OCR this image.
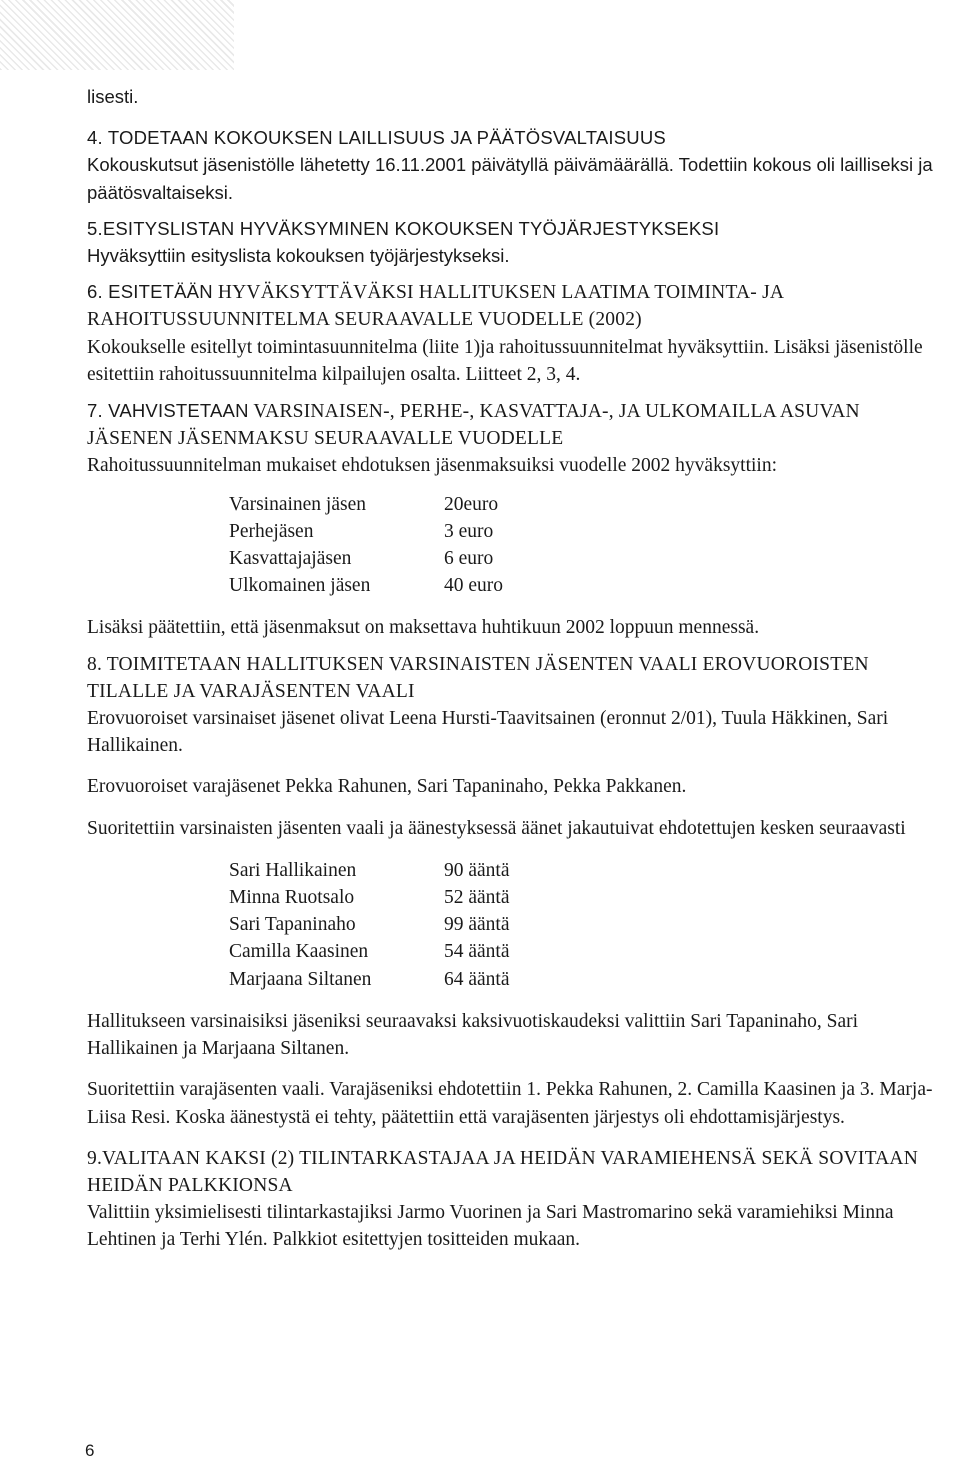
lisesti.

4. TODETAAN KOKOUKSEN LAILLISUUS JA PÄÄTÖSVALTAISUUS

Kokouskutsut jäsenistölle lähetetty 16.11.2001 päivätyllä päivämäärällä. Todettiin kokous oli lailliseksi ja päätösvaltaiseksi.

5.ESITYSLISTAN HYVÄKSYMINEN KOKOUKSEN TYÖJÄRJESTYKSEKSI

Hyväksyttiin esityslista kokouksen työjärjestykseksi.

6. ESITETÄÄN HYVÄKSYTTÄVÄKSI HALLITUKSEN LAATIMA TOIMINTA- JA RAHOITUSSUUNNITELMA SEURAAVALLE VUODELLE (2002)

Kokoukselle esitellyt toimintasuunnitelma (liite 1)ja rahoitussuunnitelmat hyväksyttiin. Lisäksi jäsenistölle esitettiin rahoitussuunnitelma kilpailujen osalta. Liitteet 2, 3, 4.

7. VAHVISTETAAN VARSINAISEN-, PERHE-, KASVATTAJA-, JA ULKOMAILLA ASUVAN JÄSENEN JÄSENMAKSU SEURAAVALLE VUODELLE

Rahoitussuunnitelman mukaiset ehdotuksen jäsenmaksuiksi vuodelle 2002 hyväksyttiin:

Varsinainen jäsen	20euro
Perhejäsen	3 euro
Kasvattajajäsen	6 euro
Ulkomainen jäsen	40 euro

Lisäksi päätettiin, että jäsenmaksut on maksettava huhtikuun 2002 loppuun mennessä.

8. TOIMITETAAN HALLITUKSEN VARSINAISTEN JÄSENTEN VAALI EROVUOROISTEN TILALLE JA VARAJÄSENTEN VAALI

Erovuoroiset varsinaiset jäsenet olivat Leena Hursti-Taavitsainen (eronnut 2/01), Tuula Häkkinen, Sari Hallikainen.

Erovuoroiset varajäsenet Pekka Rahunen, Sari Tapaninaho, Pekka Pakkanen.

Suoritettiin varsinaisten jäsenten vaali ja äänestyksessä äänet jakautuivat ehdotettujen kesken seuraavasti

Sari Hallikainen	90 ääntä
Minna Ruotsalo	52 ääntä
Sari Tapaninaho	99 ääntä
Camilla Kaasinen	54 ääntä
Marjaana Siltanen	64 ääntä

Hallitukseen varsinaisiksi jäseniksi seuraavaksi kaksivuotiskaudeksi valittiin Sari Tapaninaho, Sari Hallikainen ja Marjaana Siltanen.

Suoritettiin varajäsenten vaali. Varajäseniksi ehdotettiin 1. Pekka Rahunen, 2. Camilla Kaasinen ja 3. Marja-Liisa Resi. Koska äänestystä ei tehty, päätettiin että varajäsenten järjestys oli ehdottamisjärjestys.

9.VALITAAN KAKSI (2) TILINTARKASTAJAA JA HEIDÄN VARAMIEHENSÄ SEKÄ SOVITAAN HEIDÄN PALKKIONSA

Valittiin yksimielisesti tilintarkastajiksi Jarmo Vuorinen ja Sari Mastromarino sekä varamiehiksi Minna Lehtinen ja Terhi Ylén. Palkkiot esitettyjen tositteiden mukaan.

6
